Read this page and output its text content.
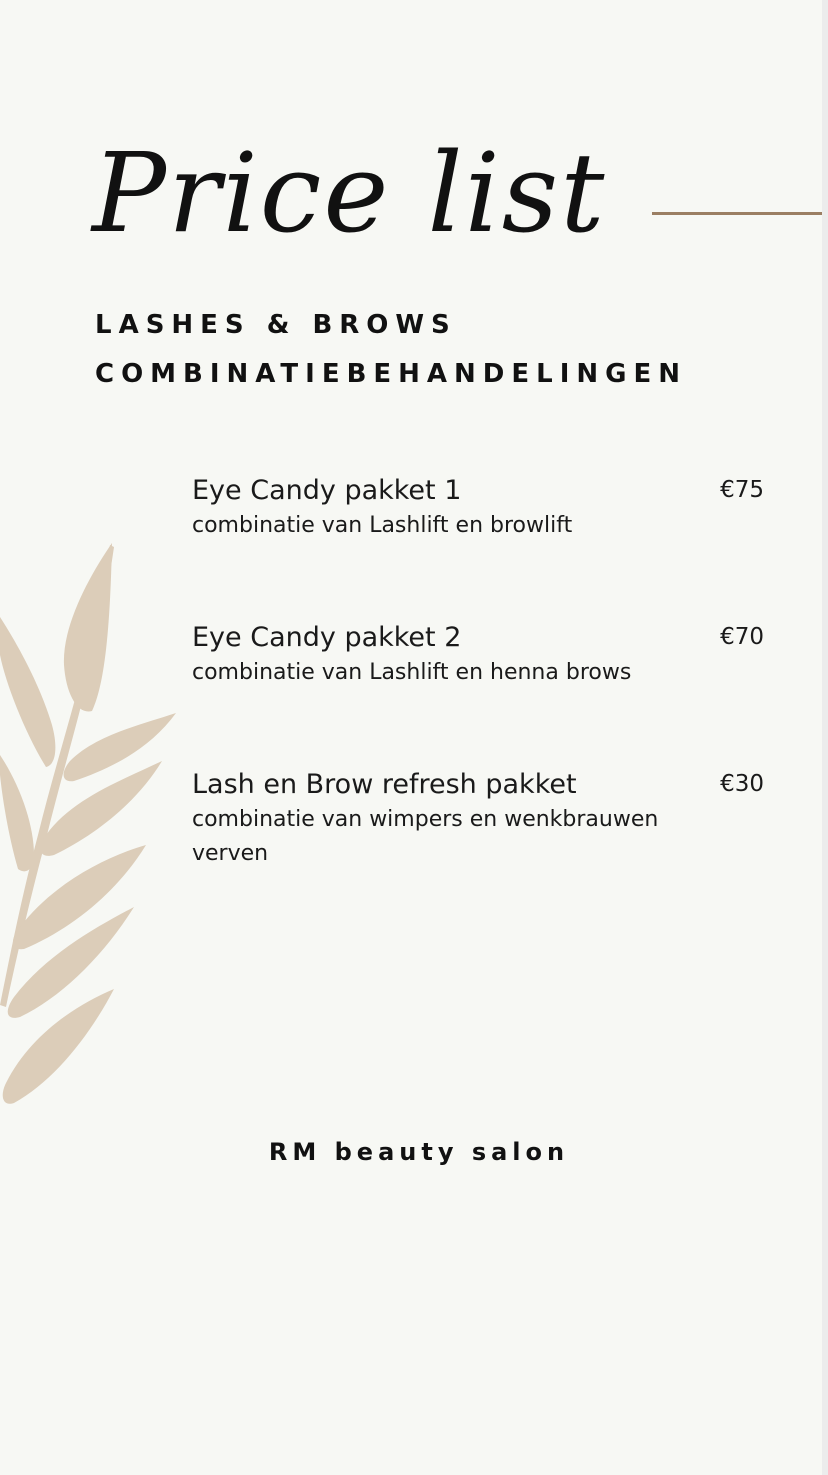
Price list
LASHES & BROWS
COMBINATIEBEHANDELINGEN
Eye Candy pakket 1
combinatie van Lashlift en browlift
€75
Eye Candy pakket 2
combinatie van Lashlift en henna brows
€70
Lash en Brow refresh pakket
combinatie van wimpers en wenkbrauwen verven
€30
RM beauty salon
